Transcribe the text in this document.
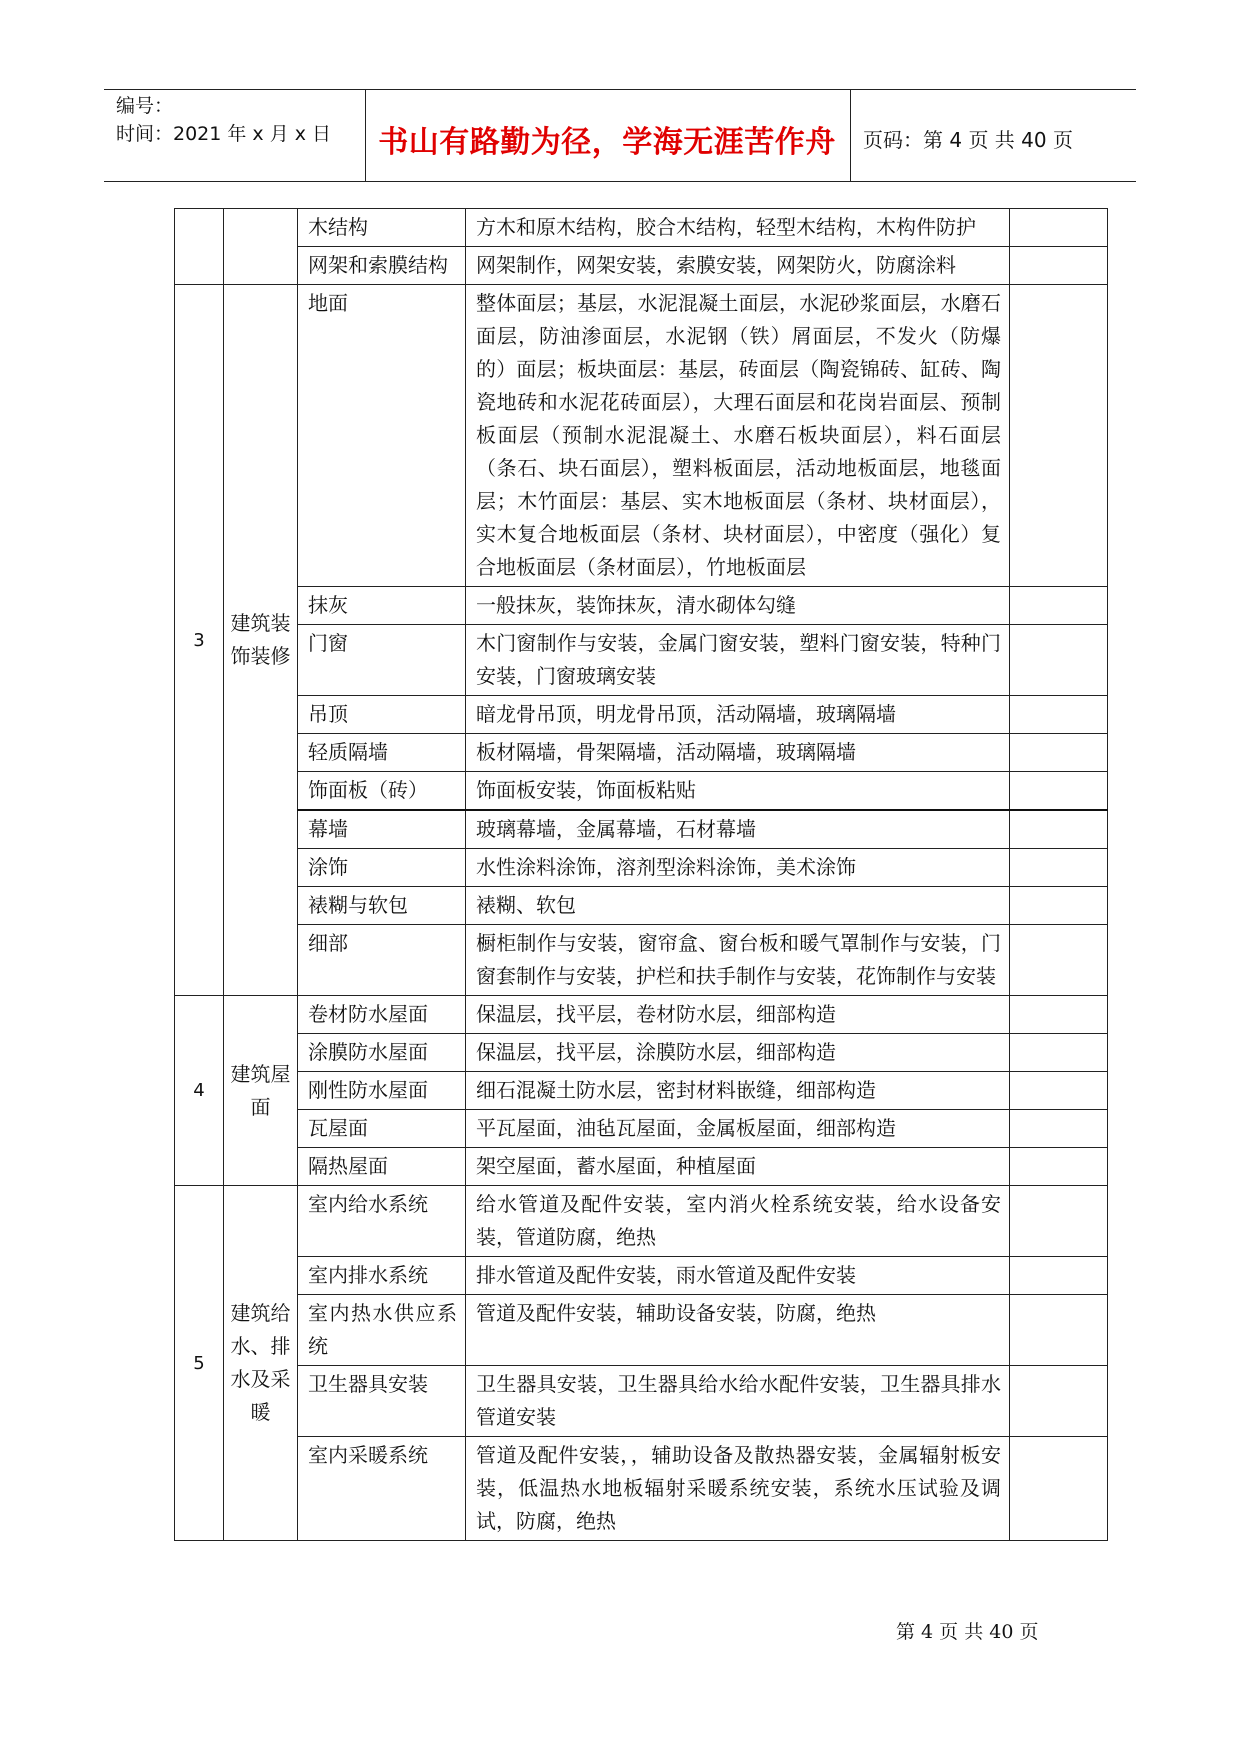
编号：
时间：2021 年 x 月 x 日	书山有路勤为径，学海无涯苦作舟	页码：第 4 页 共 40 页
		木结构	方木和原木结构，胶合木结构，轻型木结构，木构件防护	
		网架和索膜结构	网架制作，网架安装，索膜安装，网架防火，防腐涂料	
3	建筑装饰装修	地面	整体面层；基层，水泥混凝土面层，水泥砂浆面层，水磨石面层，防油渗面层，水泥钢（铁）屑面层，不发火（防爆的）面层；板块面层：基层，砖面层（陶瓷锦砖、缸砖、陶瓷地砖和水泥花砖面层），大理石面层和花岗岩面层、预制板面层（预制水泥混凝土、水磨石板块面层），料石面层（条石、块石面层），塑料板面层，活动地板面层，地毯面层；木竹面层：基层、实木地板面层（条材、块材面层），实木复合地板面层（条材、块材面层），中密度（强化）复合地板面层（条材面层），竹地板面层	
		抹灰	一般抹灰，装饰抹灰，清水砌体勾缝	
		门窗	木门窗制作与安装，金属门窗安装，塑料门窗安装，特种门安装，门窗玻璃安装	
		吊顶	暗龙骨吊顶，明龙骨吊顶，活动隔墙，玻璃隔墙	
		轻质隔墙	板材隔墙，骨架隔墙，活动隔墙，玻璃隔墙	
		饰面板（砖）	饰面板安装，饰面板粘贴	
		幕墙	玻璃幕墙，金属幕墙，石材幕墙	
		涂饰	水性涂料涂饰，溶剂型涂料涂饰，美术涂饰	
		裱糊与软包	裱糊、软包	
		细部	橱柜制作与安装，窗帘盒、窗台板和暖气罩制作与安装，门窗套制作与安装，护栏和扶手制作与安装，花饰制作与安装	
4	建筑屋面	卷材防水屋面	保温层，找平层，卷材防水层，细部构造	
		涂膜防水屋面	保温层，找平层，涂膜防水层，细部构造	
		刚性防水屋面	细石混凝土防水层，密封材料嵌缝，细部构造	
		瓦屋面	平瓦屋面，油毡瓦屋面，金属板屋面，细部构造	
		隔热屋面	架空屋面，蓄水屋面，种植屋面	
5	建筑给水、排水及采暖	室内给水系统	给水管道及配件安装，室内消火栓系统安装，给水设备安装，管道防腐，绝热	
		室内排水系统	排水管道及配件安装，雨水管道及配件安装	
		室内热水供应系统	管道及配件安装，辅助设备安装，防腐，绝热	
		卫生器具安装	卫生器具安装，卫生器具给水给水配件安装，卫生器具排水管道安装	
		室内采暖系统	管道及配件安装，，辅助设备及散热器安装，金属辐射板安装，低温热水地板辐射采暖系统安装，系统水压试验及调试，防腐，绝热	
第 4 页 共 40 页
